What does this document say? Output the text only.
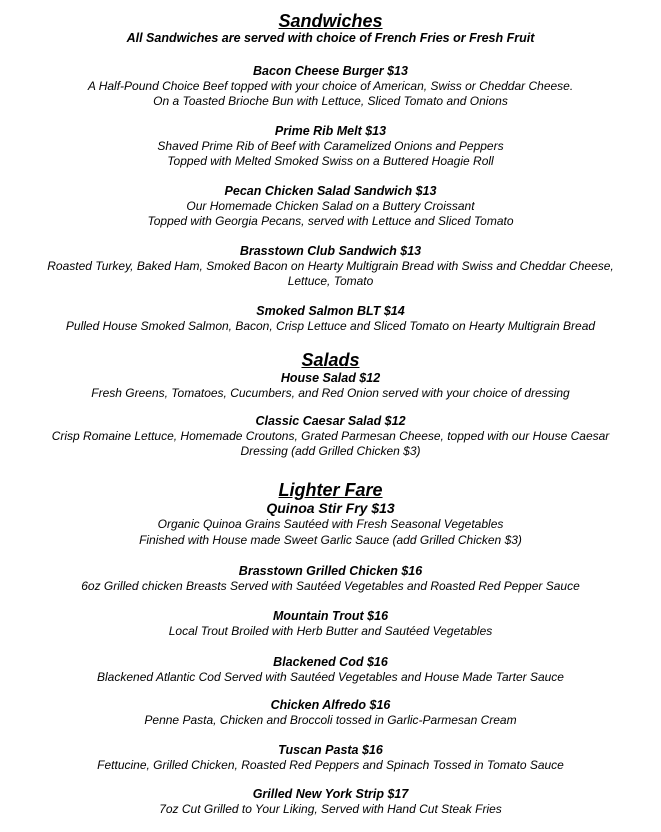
Sandwiches
All Sandwiches are served with choice of French Fries or Fresh Fruit
Bacon Cheese Burger $13
A Half-Pound Choice Beef topped with your choice of American, Swiss or Cheddar Cheese.
On a Toasted Brioche Bun with Lettuce, Sliced Tomato and Onions
Prime Rib Melt $13
Shaved Prime Rib of Beef with Caramelized Onions and Peppers
Topped with Melted Smoked Swiss on a Buttered Hoagie Roll
Pecan Chicken Salad Sandwich $13
Our Homemade Chicken Salad on a Buttery Croissant
Topped with Georgia Pecans, served with Lettuce and Sliced Tomato
Brasstown Club Sandwich $13
Roasted Turkey, Baked Ham, Smoked Bacon on Hearty Multigrain Bread with Swiss and Cheddar Cheese,
Lettuce, Tomato
Smoked Salmon BLT $14
Pulled House Smoked Salmon, Bacon, Crisp Lettuce and Sliced Tomato on Hearty Multigrain Bread
Salads
House Salad $12
Fresh Greens, Tomatoes, Cucumbers, and Red Onion served with your choice of dressing
Classic Caesar Salad $12
Crisp Romaine Lettuce, Homemade Croutons, Grated Parmesan Cheese, topped with our House Caesar
Dressing (add Grilled Chicken $3)
Lighter Fare
Quinoa Stir Fry $13
Organic Quinoa Grains Sautéed with Fresh Seasonal Vegetables
Finished with House made Sweet Garlic Sauce (add Grilled Chicken $3)
Brasstown Grilled Chicken $16
6oz Grilled chicken Breasts Served with Sautéed Vegetables and Roasted Red Pepper Sauce
Mountain Trout $16
Local Trout Broiled with Herb Butter and Sautéed Vegetables
Blackened Cod $16
Blackened Atlantic Cod Served with Sautéed Vegetables and House Made Tarter Sauce
Chicken Alfredo $16
Penne Pasta, Chicken and Broccoli tossed in Garlic-Parmesan Cream
Tuscan Pasta $16
Fettucine, Grilled Chicken, Roasted Red Peppers and Spinach Tossed in Tomato Sauce
Grilled New York Strip $17
7oz Cut Grilled to Your Liking, Served with Hand Cut Steak Fries
